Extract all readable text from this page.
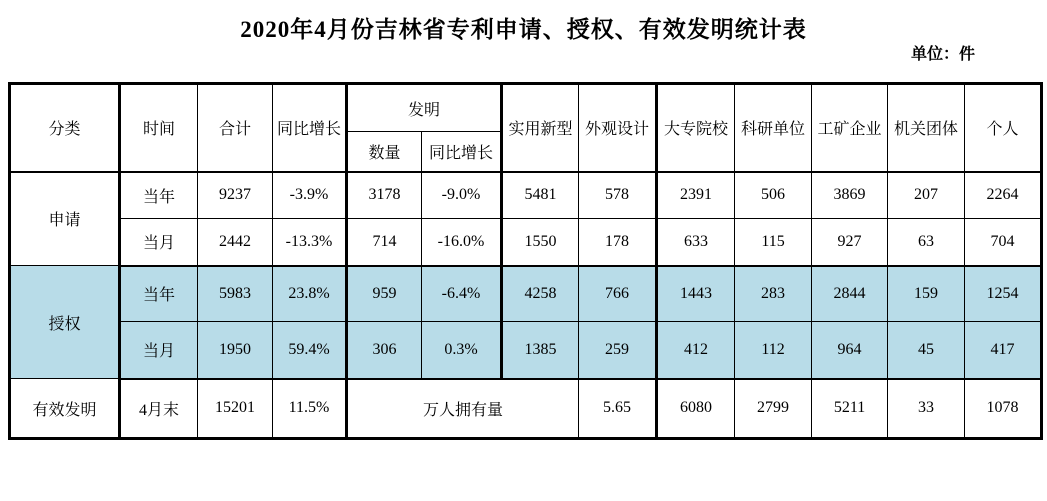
2020年4月份吉林省专利申请、授权、有效发明统计表
单位：件
分类	时间	合计	同比增长	发明		实用新型	外观设计	大专院校	科研单位	工矿企业	机关团体	个人
				数量	同比增长							
申请	当年	9237	-3.9%	3178	-9.0%	5481	578	2391	506	3869	207	2264
	当月	2442	-13.3%	714	-16.0%	1550	178	633	115	927	63	704
授权	当年	5983	23.8%	959	-6.4%	4258	766	1443	283	2844	159	1254
	当月	1950	59.4%	306	0.3%	1385	259	412	112	964	45	417
有效发明	4月末	15201	11.5%	万人拥有量			5.65	6080	2799	5211	33	1078
